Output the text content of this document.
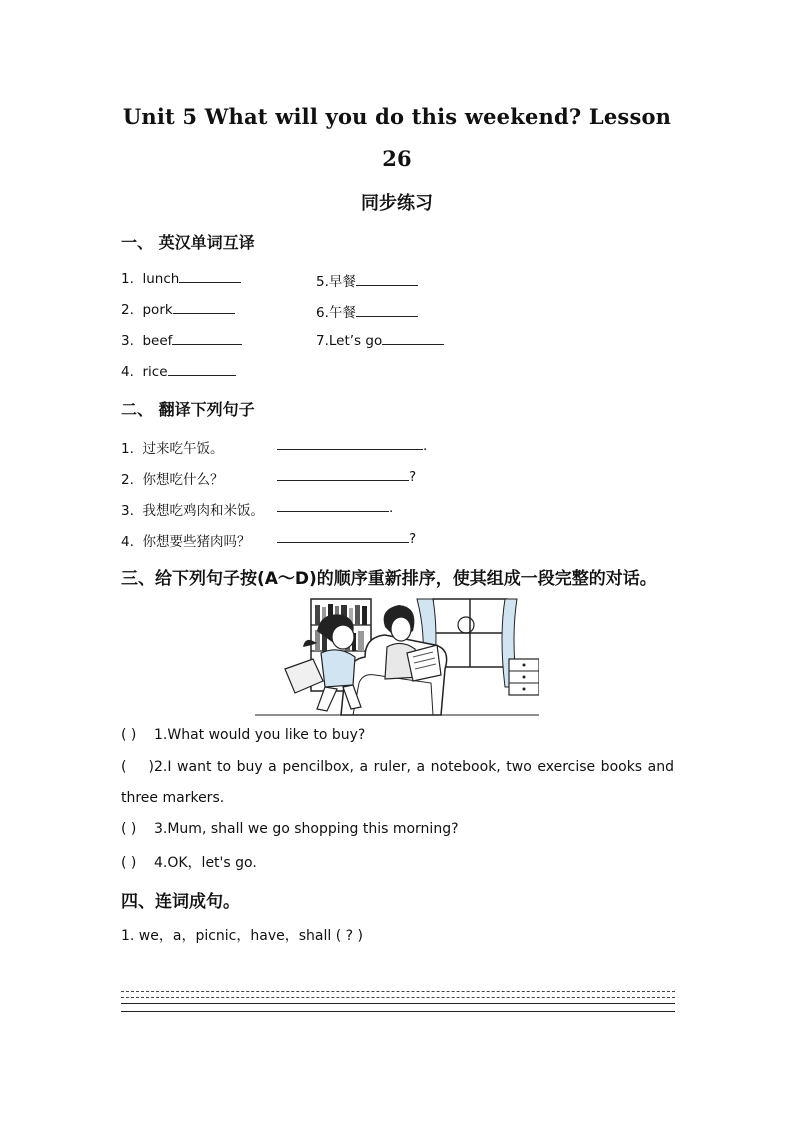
Unit 5 What will you do this weekend? Lesson
26
同步练习
一、 英汉单词互译
1. lunch
2. pork
3. beef
4. rice
5.早餐
6.午餐
7.Let’s go
二、 翻译下列句子
1. 过来吃午饭。	.
2. 你想吃什么？	?
3. 我想吃鸡肉和米饭。	.
4. 你想要些猪肉吗？	?
三、给下列句子按(A～D)的顺序重新排序，使其组成一段完整的对话。
( ) 1.What would you like to buy?
( )2.I want to buy a pencilbox, a ruler, a notebook, two exercise books and
three markers.
( ) 3.Mum, shall we go shopping this morning?
( ) 4.OK，let's go.
四、连词成句。
1. we，a，picnic，have，shall ( ? )
